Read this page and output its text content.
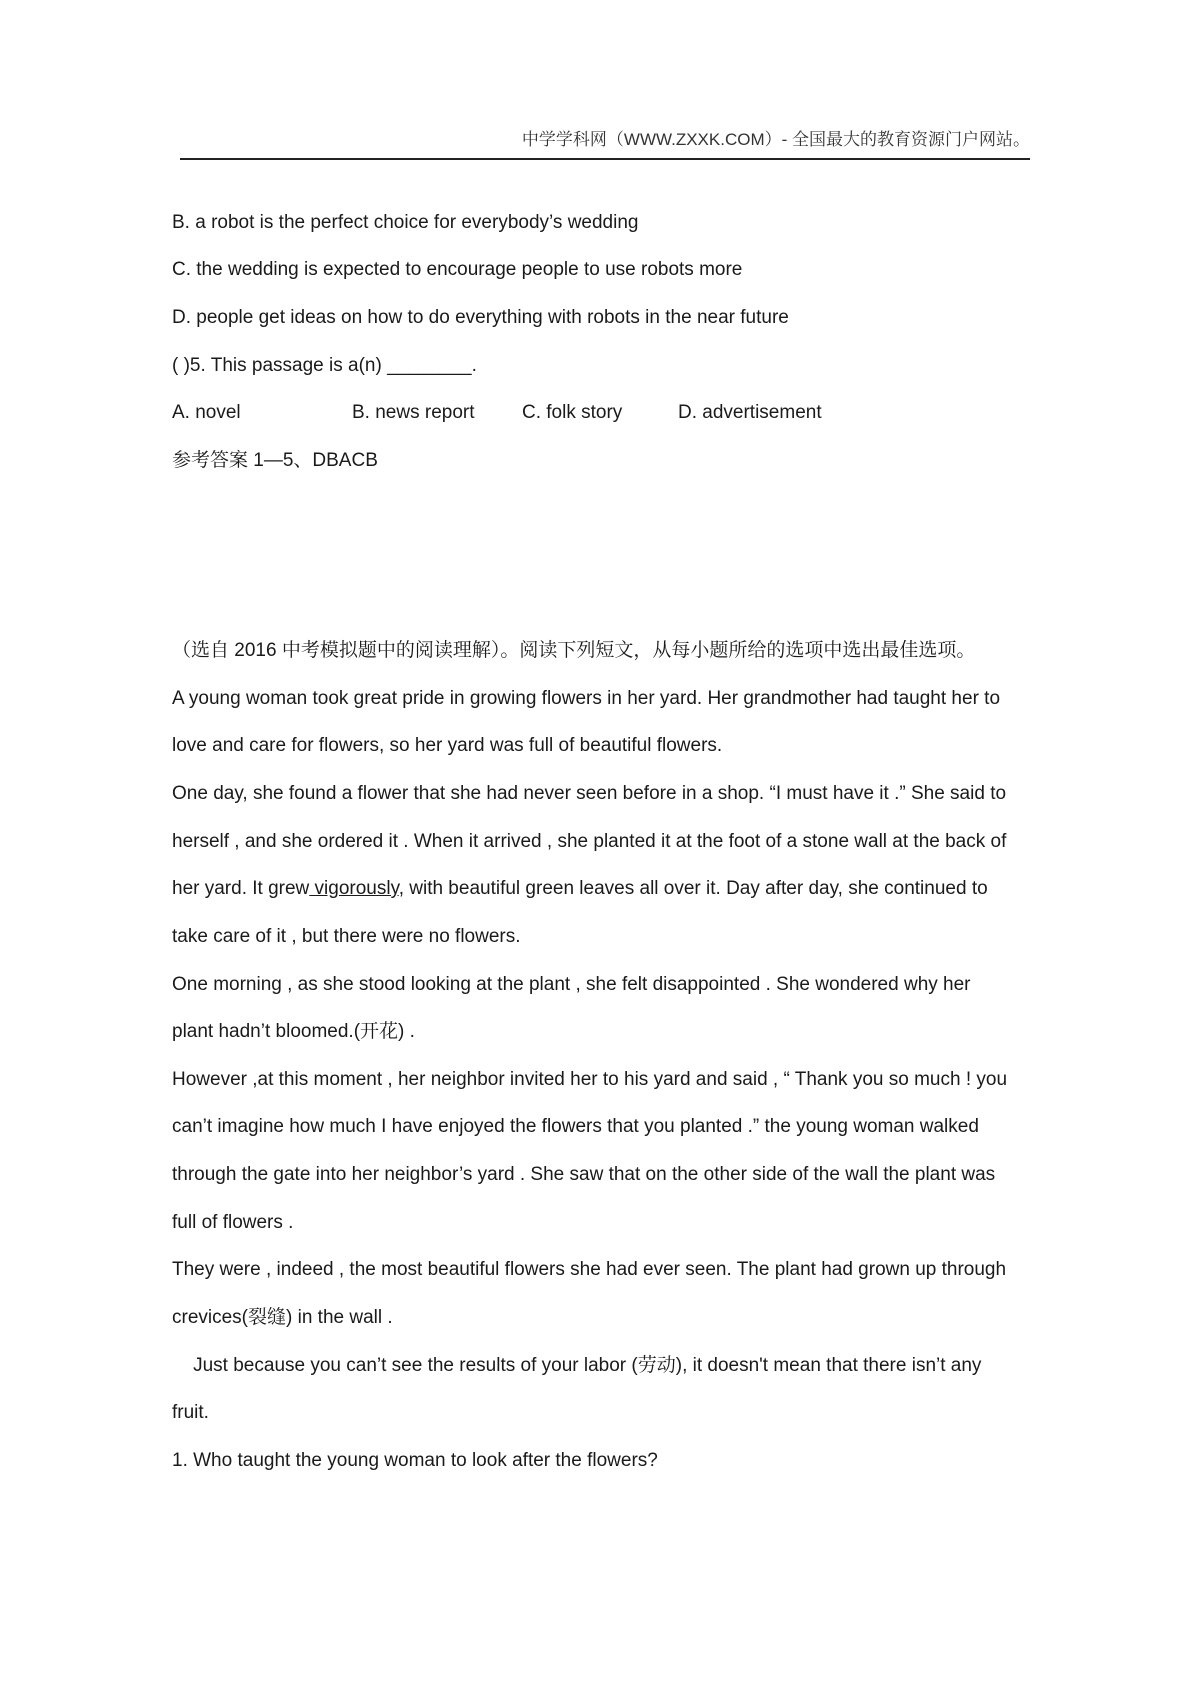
中学学科网（WWW.ZXXK.COM）- 全国最大的教育资源门户网站。
B. a robot is the perfect choice for everybody’s wedding
C. the wedding is expected to encourage people to use robots more
D. people get ideas on how to do everything with robots in the near future
( )5. This passage is a(n) ________.
A. novel	B. news report	C. folk story	D. advertisement
参考答案 1—5、DBACB
（选自 2016 中考模拟题中的阅读理解）。阅读下列短文，从每小题所给的选项中选出最佳选项。
A young woman took great pride in growing flowers in her yard. Her grandmother had taught her to
love and care for flowers, so her yard was full of beautiful flowers.
One day, she found a flower that she had never seen before in a shop. “I must have it .” She said to
herself , and she ordered it . When it arrived , she planted it at the foot of a stone wall at the back of
her yard. It grew vigorously, with beautiful green leaves all over it. Day after day, she continued to
take care of it , but there were no flowers.
One morning , as she stood looking at the plant , she felt disappointed . She wondered why her
plant hadn’t bloomed.(开花) .
However ,at this moment , her neighbor invited her to his yard and said , “ Thank you so much ! you
can’t imagine how much I have enjoyed the flowers that you planted .” the young woman walked
through the gate into her neighbor’s yard . She saw that on the other side of the wall the plant was
full of flowers .
They were , indeed , the most beautiful flowers she had ever seen. The plant had grown up through
crevices(裂缝) in the wall .
Just because you can’t see the results of your labor (劳动), it doesn't mean that there isn’t any
fruit.
1. Who taught the young woman to look after the flowers?
